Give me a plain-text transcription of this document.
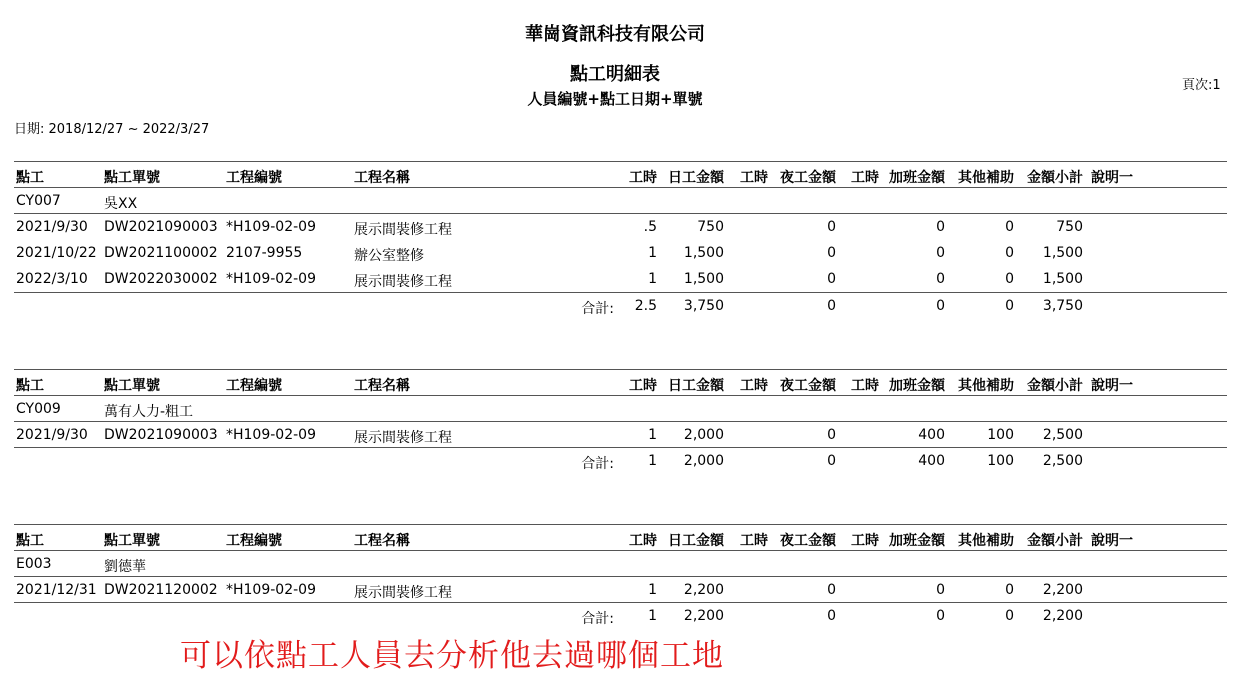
華崗資訊科技有限公司
點工明細表
人員編號+點工日期+單號
頁次:1
日期: 2018/12/27 ~ 2022/3/27
點工	點工單號	工程編號	工程名稱	工時 日工金額 工時 夜工金額 工時 加班金額 其他補助 金額小計 說明一
CY007	吳XX
2021/9/30 DW2021090003 *H109-02-09	展示間裝修工程	.5	750	0	0	0	750
2021/10/22 DW2021100002 2107-9955	辦公室整修	1 1,500	0	0	0 1,500
2022/3/10 DW2022030002 *H109-02-09	展示間裝修工程	1 1,500	0	0	0 1,500
合計: 2.5 3,750	0	0	0 3,750
點工	點工單號	工程編號	工程名稱	工時 日工金額 工時 夜工金額 工時 加班金額 其他補助 金額小計 說明一
CY009	萬有人力-粗工
2021/9/30 DW2021090003 *H109-02-09	展示間裝修工程	1 2,000	0	400	100 2,500
合計: 1 2,000	0	400	100 2,500
點工	點工單號	工程編號	工程名稱	工時 日工金額 工時 夜工金額 工時 加班金額 其他補助 金額小計 說明一
E003	劉德華
2021/12/31 DW2021120002 *H109-02-09	展示間裝修工程	1 2,200	0	0	0 2,200
合計: 1 2,200	0	0	0 2,200
可以依點工人員去分析他去過哪個工地
